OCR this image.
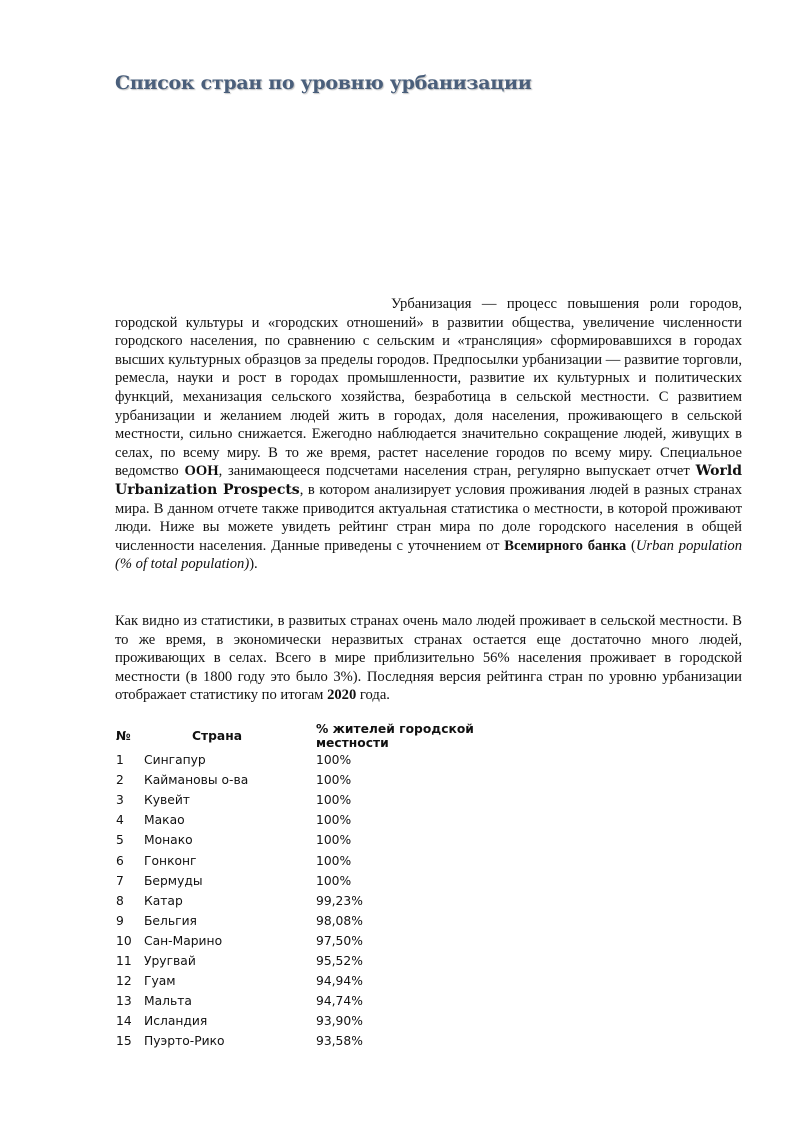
Список стран по уровню урбанизации

Урбанизация — процесс повышения роли городов, городской культуры и «городских отношений» в развитии общества, увеличение численности городского населения, по сравнению с сельским и «трансляция» сформировавшихся в городах высших культурных образцов за пределы городов. Предпосылки урбанизации — развитие торговли, ремесла, науки и рост в городах промышленности, развитие их культурных и политических функций, механизация сельского хозяйства, безработица в сельской местности. С развитием урбанизации и желанием людей жить в городах, доля населения, проживающего в сельской местности, сильно снижается. Ежегодно наблюдается значительно сокращение людей, живущих в селах, по всему миру. В то же время, растет население городов по всему миру. Специальное ведомство ООН, занимающееся подсчетами населения стран, регулярно выпускает отчет World Urbanization Prospects, в котором анализирует условия проживания людей в разных странах мира. В данном отчете также приводится актуальная статистика о местности, в которой проживают люди. Ниже вы можете увидеть рейтинг стран мира по доле городского населения в общей численности населения. Данные приведены с уточнением от Всемирного банка (Urban population (% of total population)).

Как видно из статистики, в развитых странах очень мало людей проживает в сельской местности. В то же время, в экономически неразвитых странах остается еще достаточно много людей, проживающих в селах. Всего в мире приблизительно 56% населения проживает в городской местности (в 1800 году это было 3%). Последняя версия рейтинга стран по уровню урбанизации отображает статистику по итогам 2020 года.

№	Страна	% жителей городской местности
1	Сингапур	100%
2	Каймановы о-ва	100%
3	Кувейт	100%
4	Макао	100%
5	Монако	100%
6	Гонконг	100%
7	Бермуды	100%
8	Катар	99,23%
9	Бельгия	98,08%
10	Сан-Марино	97,50%
11	Уругвай	95,52%
12	Гуам	94,94%
13	Мальта	94,74%
14	Исландия	93,90%
15	Пуэрто-Рико	93,58%
